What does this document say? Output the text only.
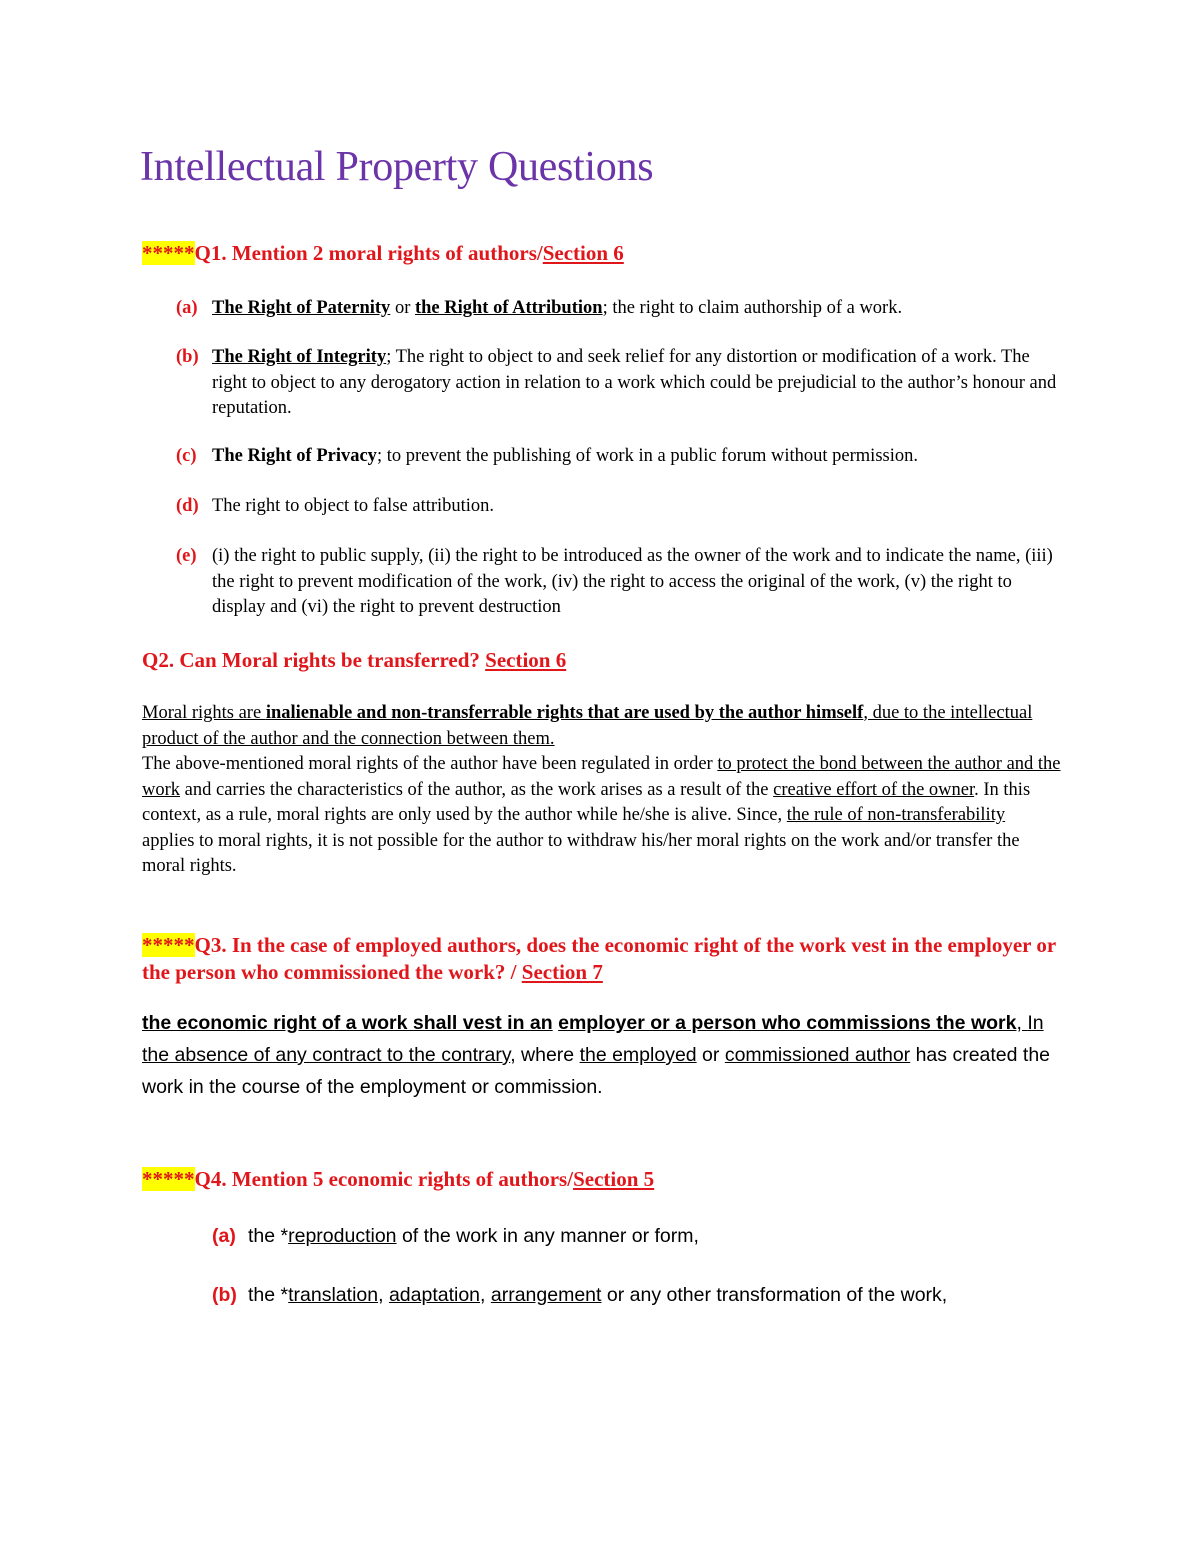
Intellectual Property Questions
*****Q1. Mention 2 moral rights of authors/Section 6
(a) The Right of Paternity or the Right of Attribution; the right to claim authorship of a work.
(b) The Right of Integrity; The right to object to and seek relief for any distortion or modification of a work. The right to object to any derogatory action in relation to a work which could be prejudicial to the author’s honour and reputation.
(c) The Right of Privacy; to prevent the publishing of work in a public forum without permission.
(d) The right to object to false attribution.
(e) (i) the right to public supply, (ii) the right to be introduced as the owner of the work and to indicate the name, (iii) the right to prevent modification of the work, (iv) the right to access the original of the work, (v) the right to display and (vi) the right to prevent destruction
Q2. Can Moral rights be transferred? Section 6
Moral rights are inalienable and non-transferrable rights that are used by the author himself, due to the intellectual product of the author and the connection between them.
The above-mentioned moral rights of the author have been regulated in order to protect the bond between the author and the work and carries the characteristics of the author, as the work arises as a result of the creative effort of the owner. In this context, as a rule, moral rights are only used by the author while he/she is alive. Since, the rule of non-transferability applies to moral rights, it is not possible for the author to withdraw his/her moral rights on the work and/or transfer the moral rights.
*****Q3. In the case of employed authors, does the economic right of the work vest in the employer or the person who commissioned the work? / Section 7
the economic right of a work shall vest in an employer or a person who commissions the work, In the absence of any contract to the contrary, where the employed or commissioned author has created the work in the course of the employment or commission.
*****Q4. Mention 5 economic rights of authors/Section 5
(a) the *reproduction of the work in any manner or form,
(b) the *translation, adaptation, arrangement or any other transformation of the work,
